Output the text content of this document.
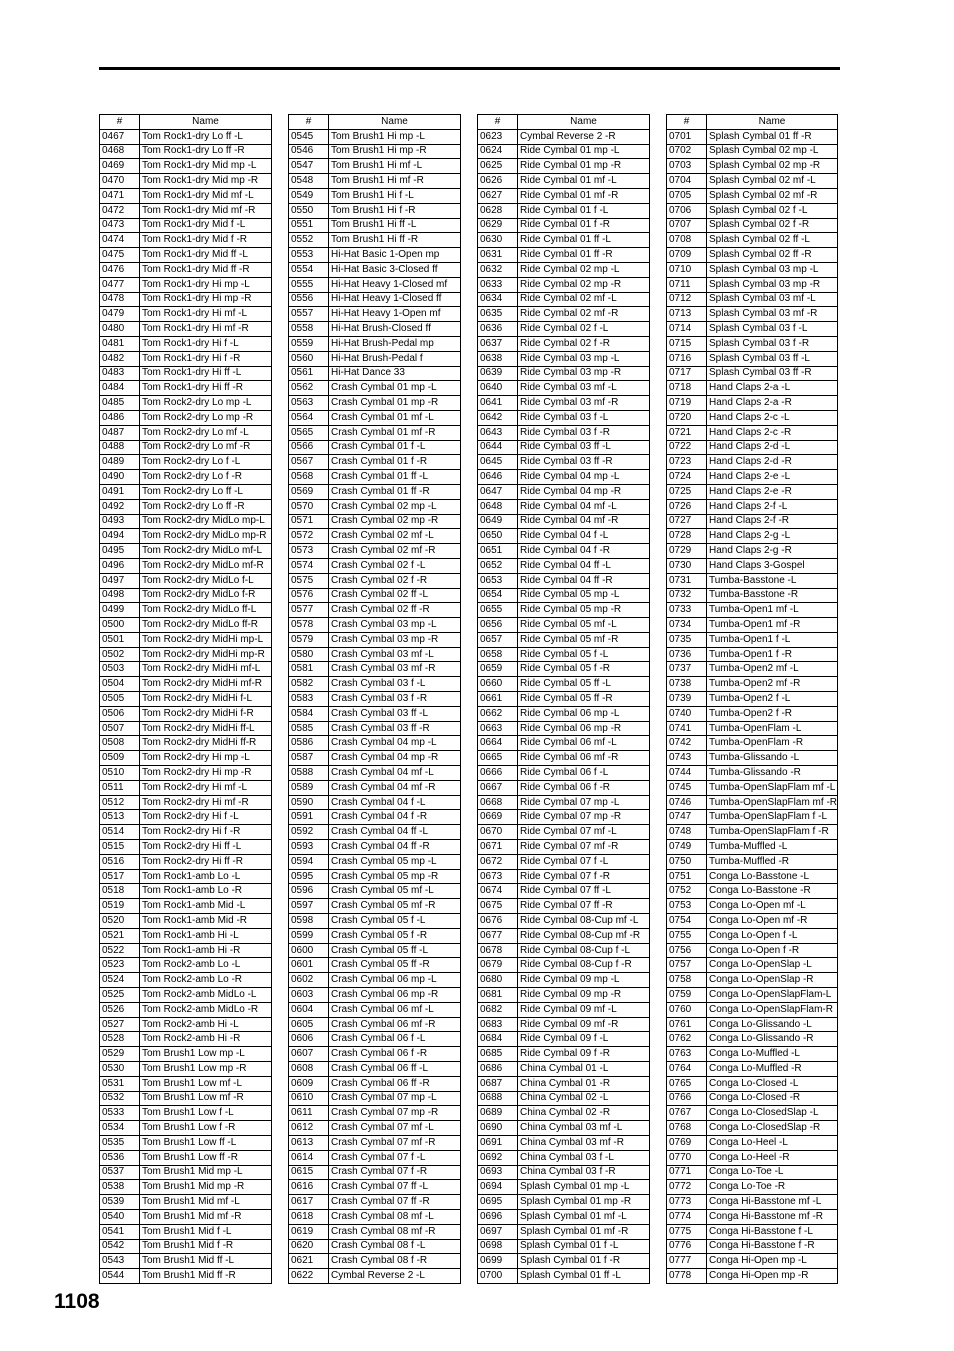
#	Name
0467	Tom Rock1-dry Lo ff -L
0468	Tom Rock1-dry Lo ff -R
0469	Tom Rock1-dry Mid mp -L
0470	Tom Rock1-dry Mid mp -R
0471	Tom Rock1-dry Mid mf -L
0472	Tom Rock1-dry Mid mf -R
0473	Tom Rock1-dry Mid f -L
0474	Tom Rock1-dry Mid f -R
0475	Tom Rock1-dry Mid ff -L
0476	Tom Rock1-dry Mid ff -R
0477	Tom Rock1-dry Hi mp -L
0478	Tom Rock1-dry Hi mp -R
0479	Tom Rock1-dry Hi mf -L
0480	Tom Rock1-dry Hi mf -R
0481	Tom Rock1-dry Hi f -L
0482	Tom Rock1-dry Hi f -R
0483	Tom Rock1-dry Hi ff -L
0484	Tom Rock1-dry Hi ff -R
0485	Tom Rock2-dry Lo mp -L
0486	Tom Rock2-dry Lo mp -R
0487	Tom Rock2-dry Lo mf -L
0488	Tom Rock2-dry Lo mf -R
0489	Tom Rock2-dry Lo f -L
0490	Tom Rock2-dry Lo f -R
0491	Tom Rock2-dry Lo ff -L
0492	Tom Rock2-dry Lo ff -R
0493	Tom Rock2-dry MidLo mp-L
0494	Tom Rock2-dry MidLo mp-R
0495	Tom Rock2-dry MidLo mf-L
0496	Tom Rock2-dry MidLo mf-R
0497	Tom Rock2-dry MidLo f-L
0498	Tom Rock2-dry MidLo f-R
0499	Tom Rock2-dry MidLo ff-L
0500	Tom Rock2-dry MidLo ff-R
0501	Tom Rock2-dry MidHi mp-L
0502	Tom Rock2-dry MidHi mp-R
0503	Tom Rock2-dry MidHi mf-L
0504	Tom Rock2-dry MidHi mf-R
0505	Tom Rock2-dry MidHi f-L
0506	Tom Rock2-dry MidHi f-R
0507	Tom Rock2-dry MidHi ff-L
0508	Tom Rock2-dry MidHi ff-R
0509	Tom Rock2-dry Hi mp -L
0510	Tom Rock2-dry Hi mp -R
0511	Tom Rock2-dry Hi mf -L
0512	Tom Rock2-dry Hi mf -R
0513	Tom Rock2-dry Hi f -L
0514	Tom Rock2-dry Hi f -R
0515	Tom Rock2-dry Hi ff -L
0516	Tom Rock2-dry Hi ff -R
0517	Tom Rock1-amb Lo -L
0518	Tom Rock1-amb Lo -R
0519	Tom Rock1-amb Mid -L
0520	Tom Rock1-amb Mid -R
0521	Tom Rock1-amb Hi -L
0522	Tom Rock1-amb Hi -R
0523	Tom Rock2-amb Lo -L
0524	Tom Rock2-amb Lo -R
0525	Tom Rock2-amb MidLo -L
0526	Tom Rock2-amb MidLo -R
0527	Tom Rock2-amb Hi -L
0528	Tom Rock2-amb Hi -R
0529	Tom Brush1 Low mp -L
0530	Tom Brush1 Low mp -R
0531	Tom Brush1 Low mf -L
0532	Tom Brush1 Low mf -R
0533	Tom Brush1 Low f -L
0534	Tom Brush1 Low f -R
0535	Tom Brush1 Low ff -L
0536	Tom Brush1 Low ff -R
0537	Tom Brush1 Mid mp -L
0538	Tom Brush1 Mid mp -R
0539	Tom Brush1 Mid mf -L
0540	Tom Brush1 Mid mf -R
0541	Tom Brush1 Mid f -L
0542	Tom Brush1 Mid f -R
0543	Tom Brush1 Mid ff -L
0544	Tom Brush1 Mid ff -R
#	Name
0545	Tom Brush1 Hi mp -L
0546	Tom Brush1 Hi mp -R
0547	Tom Brush1 Hi mf -L
0548	Tom Brush1 Hi mf -R
0549	Tom Brush1 Hi f -L
0550	Tom Brush1 Hi f -R
0551	Tom Brush1 Hi ff -L
0552	Tom Brush1 Hi ff -R
0553	Hi-Hat Basic 1-Open mp
0554	Hi-Hat Basic 3-Closed ff
0555	Hi-Hat Heavy 1-Closed mf
0556	Hi-Hat Heavy 1-Closed ff
0557	Hi-Hat Heavy 1-Open mf
0558	Hi-Hat Brush-Closed ff
0559	Hi-Hat Brush-Pedal mp
0560	Hi-Hat Brush-Pedal f
0561	Hi-Hat Dance 33
0562	Crash Cymbal 01 mp -L
0563	Crash Cymbal 01 mp -R
0564	Crash Cymbal 01 mf -L
0565	Crash Cymbal 01 mf -R
0566	Crash Cymbal 01 f -L
0567	Crash Cymbal 01 f -R
0568	Crash Cymbal 01 ff -L
0569	Crash Cymbal 01 ff -R
0570	Crash Cymbal 02 mp -L
0571	Crash Cymbal 02 mp -R
0572	Crash Cymbal 02 mf -L
0573	Crash Cymbal 02 mf -R
0574	Crash Cymbal 02 f -L
0575	Crash Cymbal 02 f -R
0576	Crash Cymbal 02 ff -L
0577	Crash Cymbal 02 ff -R
0578	Crash Cymbal 03 mp -L
0579	Crash Cymbal 03 mp -R
0580	Crash Cymbal 03 mf -L
0581	Crash Cymbal 03 mf -R
0582	Crash Cymbal 03 f -L
0583	Crash Cymbal 03 f -R
0584	Crash Cymbal 03 ff -L
0585	Crash Cymbal 03 ff -R
0586	Crash Cymbal 04 mp -L
0587	Crash Cymbal 04 mp -R
0588	Crash Cymbal 04 mf -L
0589	Crash Cymbal 04 mf -R
0590	Crash Cymbal 04 f -L
0591	Crash Cymbal 04 f -R
0592	Crash Cymbal 04 ff -L
0593	Crash Cymbal 04 ff -R
0594	Crash Cymbal 05 mp -L
0595	Crash Cymbal 05 mp -R
0596	Crash Cymbal 05 mf -L
0597	Crash Cymbal 05 mf -R
0598	Crash Cymbal 05 f -L
0599	Crash Cymbal 05 f -R
0600	Crash Cymbal 05 ff -L
0601	Crash Cymbal 05 ff -R
0602	Crash Cymbal 06 mp -L
0603	Crash Cymbal 06 mp -R
0604	Crash Cymbal 06 mf -L
0605	Crash Cymbal 06 mf -R
0606	Crash Cymbal 06 f -L
0607	Crash Cymbal 06 f -R
0608	Crash Cymbal 06 ff -L
0609	Crash Cymbal 06 ff -R
0610	Crash Cymbal 07 mp -L
0611	Crash Cymbal 07 mp -R
0612	Crash Cymbal 07 mf -L
0613	Crash Cymbal 07 mf -R
0614	Crash Cymbal 07 f -L
0615	Crash Cymbal 07 f -R
0616	Crash Cymbal 07 ff -L
0617	Crash Cymbal 07 ff -R
0618	Crash Cymbal 08 mf -L
0619	Crash Cymbal 08 mf -R
0620	Crash Cymbal 08 f -L
0621	Crash Cymbal 08 f -R
0622	Cymbal Reverse 2 -L
#	Name
0623	Cymbal Reverse 2 -R
0624	Ride Cymbal 01 mp -L
0625	Ride Cymbal 01 mp -R
0626	Ride Cymbal 01 mf -L
0627	Ride Cymbal 01 mf -R
0628	Ride Cymbal 01 f -L
0629	Ride Cymbal 01 f -R
0630	Ride Cymbal 01 ff -L
0631	Ride Cymbal 01 ff -R
0632	Ride Cymbal 02 mp -L
0633	Ride Cymbal 02 mp -R
0634	Ride Cymbal 02 mf -L
0635	Ride Cymbal 02 mf -R
0636	Ride Cymbal 02 f -L
0637	Ride Cymbal 02 f -R
0638	Ride Cymbal 03 mp -L
0639	Ride Cymbal 03 mp -R
0640	Ride Cymbal 03 mf -L
0641	Ride Cymbal 03 mf -R
0642	Ride Cymbal 03 f -L
0643	Ride Cymbal 03 f -R
0644	Ride Cymbal 03 ff -L
0645	Ride Cymbal 03 ff -R
0646	Ride Cymbal 04 mp -L
0647	Ride Cymbal 04 mp -R
0648	Ride Cymbal 04 mf -L
0649	Ride Cymbal 04 mf -R
0650	Ride Cymbal 04 f -L
0651	Ride Cymbal 04 f -R
0652	Ride Cymbal 04 ff -L
0653	Ride Cymbal 04 ff -R
0654	Ride Cymbal 05 mp -L
0655	Ride Cymbal 05 mp -R
0656	Ride Cymbal 05 mf -L
0657	Ride Cymbal 05 mf -R
0658	Ride Cymbal 05 f -L
0659	Ride Cymbal 05 f -R
0660	Ride Cymbal 05 ff -L
0661	Ride Cymbal 05 ff -R
0662	Ride Cymbal 06 mp -L
0663	Ride Cymbal 06 mp -R
0664	Ride Cymbal 06 mf -L
0665	Ride Cymbal 06 mf -R
0666	Ride Cymbal 06 f -L
0667	Ride Cymbal 06 f -R
0668	Ride Cymbal 07 mp -L
0669	Ride Cymbal 07 mp -R
0670	Ride Cymbal 07 mf -L
0671	Ride Cymbal 07 mf -R
0672	Ride Cymbal 07 f -L
0673	Ride Cymbal 07 f -R
0674	Ride Cymbal 07 ff -L
0675	Ride Cymbal 07 ff -R
0676	Ride Cymbal 08-Cup mf -L
0677	Ride Cymbal 08-Cup mf -R
0678	Ride Cymbal 08-Cup f -L
0679	Ride Cymbal 08-Cup f -R
0680	Ride Cymbal 09 mp -L
0681	Ride Cymbal 09 mp -R
0682	Ride Cymbal 09 mf -L
0683	Ride Cymbal 09 mf -R
0684	Ride Cymbal 09 f -L
0685	Ride Cymbal 09 f -R
0686	China Cymbal 01 -L
0687	China Cymbal 01 -R
0688	China Cymbal 02 -L
0689	China Cymbal 02 -R
0690	China Cymbal 03 mf -L
0691	China Cymbal 03 mf -R
0692	China Cymbal 03 f -L
0693	China Cymbal 03 f -R
0694	Splash Cymbal 01 mp -L
0695	Splash Cymbal 01 mp -R
0696	Splash Cymbal 01 mf -L
0697	Splash Cymbal 01 mf -R
0698	Splash Cymbal 01 f -L
0699	Splash Cymbal 01 f -R
0700	Splash Cymbal 01 ff -L
#	Name
0701	Splash Cymbal 01 ff -R
0702	Splash Cymbal 02 mp -L
0703	Splash Cymbal 02 mp -R
0704	Splash Cymbal 02 mf -L
0705	Splash Cymbal 02 mf -R
0706	Splash Cymbal 02 f -L
0707	Splash Cymbal 02 f -R
0708	Splash Cymbal 02 ff -L
0709	Splash Cymbal 02 ff -R
0710	Splash Cymbal 03 mp -L
0711	Splash Cymbal 03 mp -R
0712	Splash Cymbal 03 mf -L
0713	Splash Cymbal 03 mf -R
0714	Splash Cymbal 03 f -L
0715	Splash Cymbal 03 f -R
0716	Splash Cymbal 03 ff -L
0717	Splash Cymbal 03 ff -R
0718	Hand Claps 2-a -L
0719	Hand Claps 2-a -R
0720	Hand Claps 2-c -L
0721	Hand Claps 2-c -R
0722	Hand Claps 2-d -L
0723	Hand Claps 2-d -R
0724	Hand Claps 2-e -L
0725	Hand Claps 2-e -R
0726	Hand Claps 2-f -L
0727	Hand Claps 2-f -R
0728	Hand Claps 2-g -L
0729	Hand Claps 2-g -R
0730	Hand Claps 3-Gospel
0731	Tumba-Basstone -L
0732	Tumba-Basstone -R
0733	Tumba-Open1 mf -L
0734	Tumba-Open1 mf -R
0735	Tumba-Open1 f -L
0736	Tumba-Open1 f -R
0737	Tumba-Open2 mf -L
0738	Tumba-Open2 mf -R
0739	Tumba-Open2 f -L
0740	Tumba-Open2 f -R
0741	Tumba-OpenFlam -L
0742	Tumba-OpenFlam -R
0743	Tumba-Glissando -L
0744	Tumba-Glissando -R
0745	Tumba-OpenSlapFlam mf -L
0746	Tumba-OpenSlapFlam mf -R
0747	Tumba-OpenSlapFlam f -L
0748	Tumba-OpenSlapFlam f -R
0749	Tumba-Muffled -L
0750	Tumba-Muffled -R
0751	Conga Lo-Basstone -L
0752	Conga Lo-Basstone -R
0753	Conga Lo-Open mf -L
0754	Conga Lo-Open mf -R
0755	Conga Lo-Open f -L
0756	Conga Lo-Open f -R
0757	Conga Lo-OpenSlap -L
0758	Conga Lo-OpenSlap -R
0759	Conga Lo-OpenSlapFlam-L
0760	Conga Lo-OpenSlapFlam-R
0761	Conga Lo-Glissando -L
0762	Conga Lo-Glissando -R
0763	Conga Lo-Muffled -L
0764	Conga Lo-Muffled -R
0765	Conga Lo-Closed -L
0766	Conga Lo-Closed -R
0767	Conga Lo-ClosedSlap -L
0768	Conga Lo-ClosedSlap -R
0769	Conga Lo-Heel -L
0770	Conga Lo-Heel -R
0771	Conga Lo-Toe -L
0772	Conga Lo-Toe -R
0773	Conga Hi-Basstone mf -L
0774	Conga Hi-Basstone mf -R
0775	Conga Hi-Basstone f -L
0776	Conga Hi-Basstone f -R
0777	Conga Hi-Open mp -L
0778	Conga Hi-Open mp -R
1108
